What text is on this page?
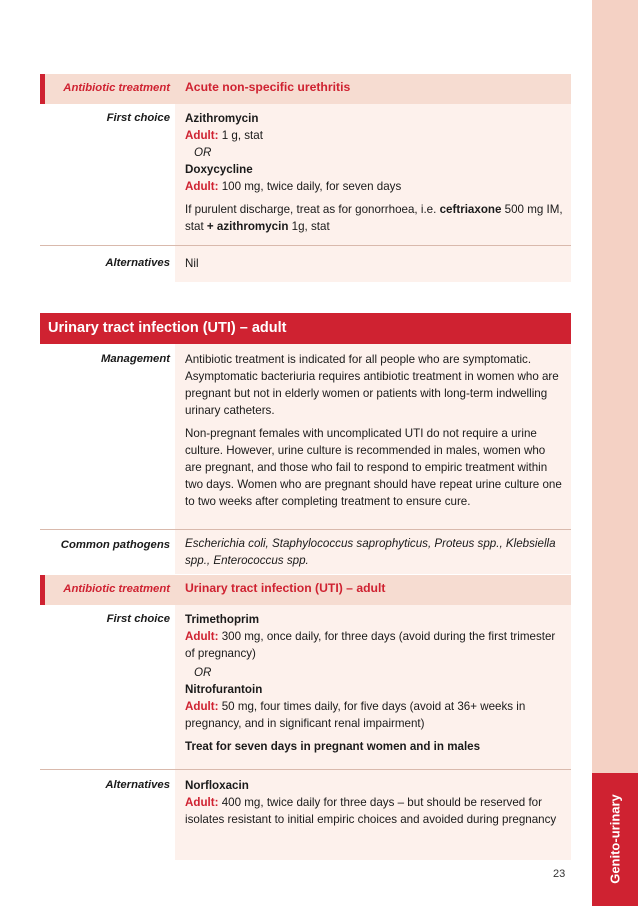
Genito-urinary
Antibiotic treatment Acute non-specific urethritis
First choice Azithromycin

Adult: 1 g, stat

OR

Doxycycline

Adult: 100 mg, twice daily, for seven days

If purulent discharge, treat as for gonorrhoea, i.e. ceftriaxone 500 mg IM, stat + azithromycin 1g, stat

Alternatives Nil
Urinary tract infection (UTI) – adult
Management Antibiotic treatment is indicated for all people who are symptomatic. Asymptomatic bacteriuria requires antibiotic treatment in women who are pregnant but not in elderly women or patients with long-term indwelling urinary catheters.

Non-pregnant females with uncomplicated UTI do not require a urine culture. However, urine culture is recommended in males, women who are pregnant, and those who fail to respond to empiric treatment within two days. Women who are pregnant should have repeat urine culture one to two weeks after completing treatment to ensure cure.

Common pathogens Escherichia coli, Staphylococcus saprophyticus, Proteus spp., Klebsiella spp., Enterococcus spp.
Antibiotic treatment Urinary tract infection (UTI) – adult
First choice Trimethoprim

Adult: 300 mg, once daily, for three days (avoid during the first trimester of pregnancy)

OR

Nitrofurantoin

Adult: 50 mg, four times daily, for five days (avoid at 36+ weeks in pregnancy, and in significant renal impairment)

Treat for seven days in pregnant women and in males

Alternatives Norfloxacin

Adult: 400 mg, twice daily for three days – but should be reserved for isolates resistant to initial empiric choices and avoided during pregnancy

23
